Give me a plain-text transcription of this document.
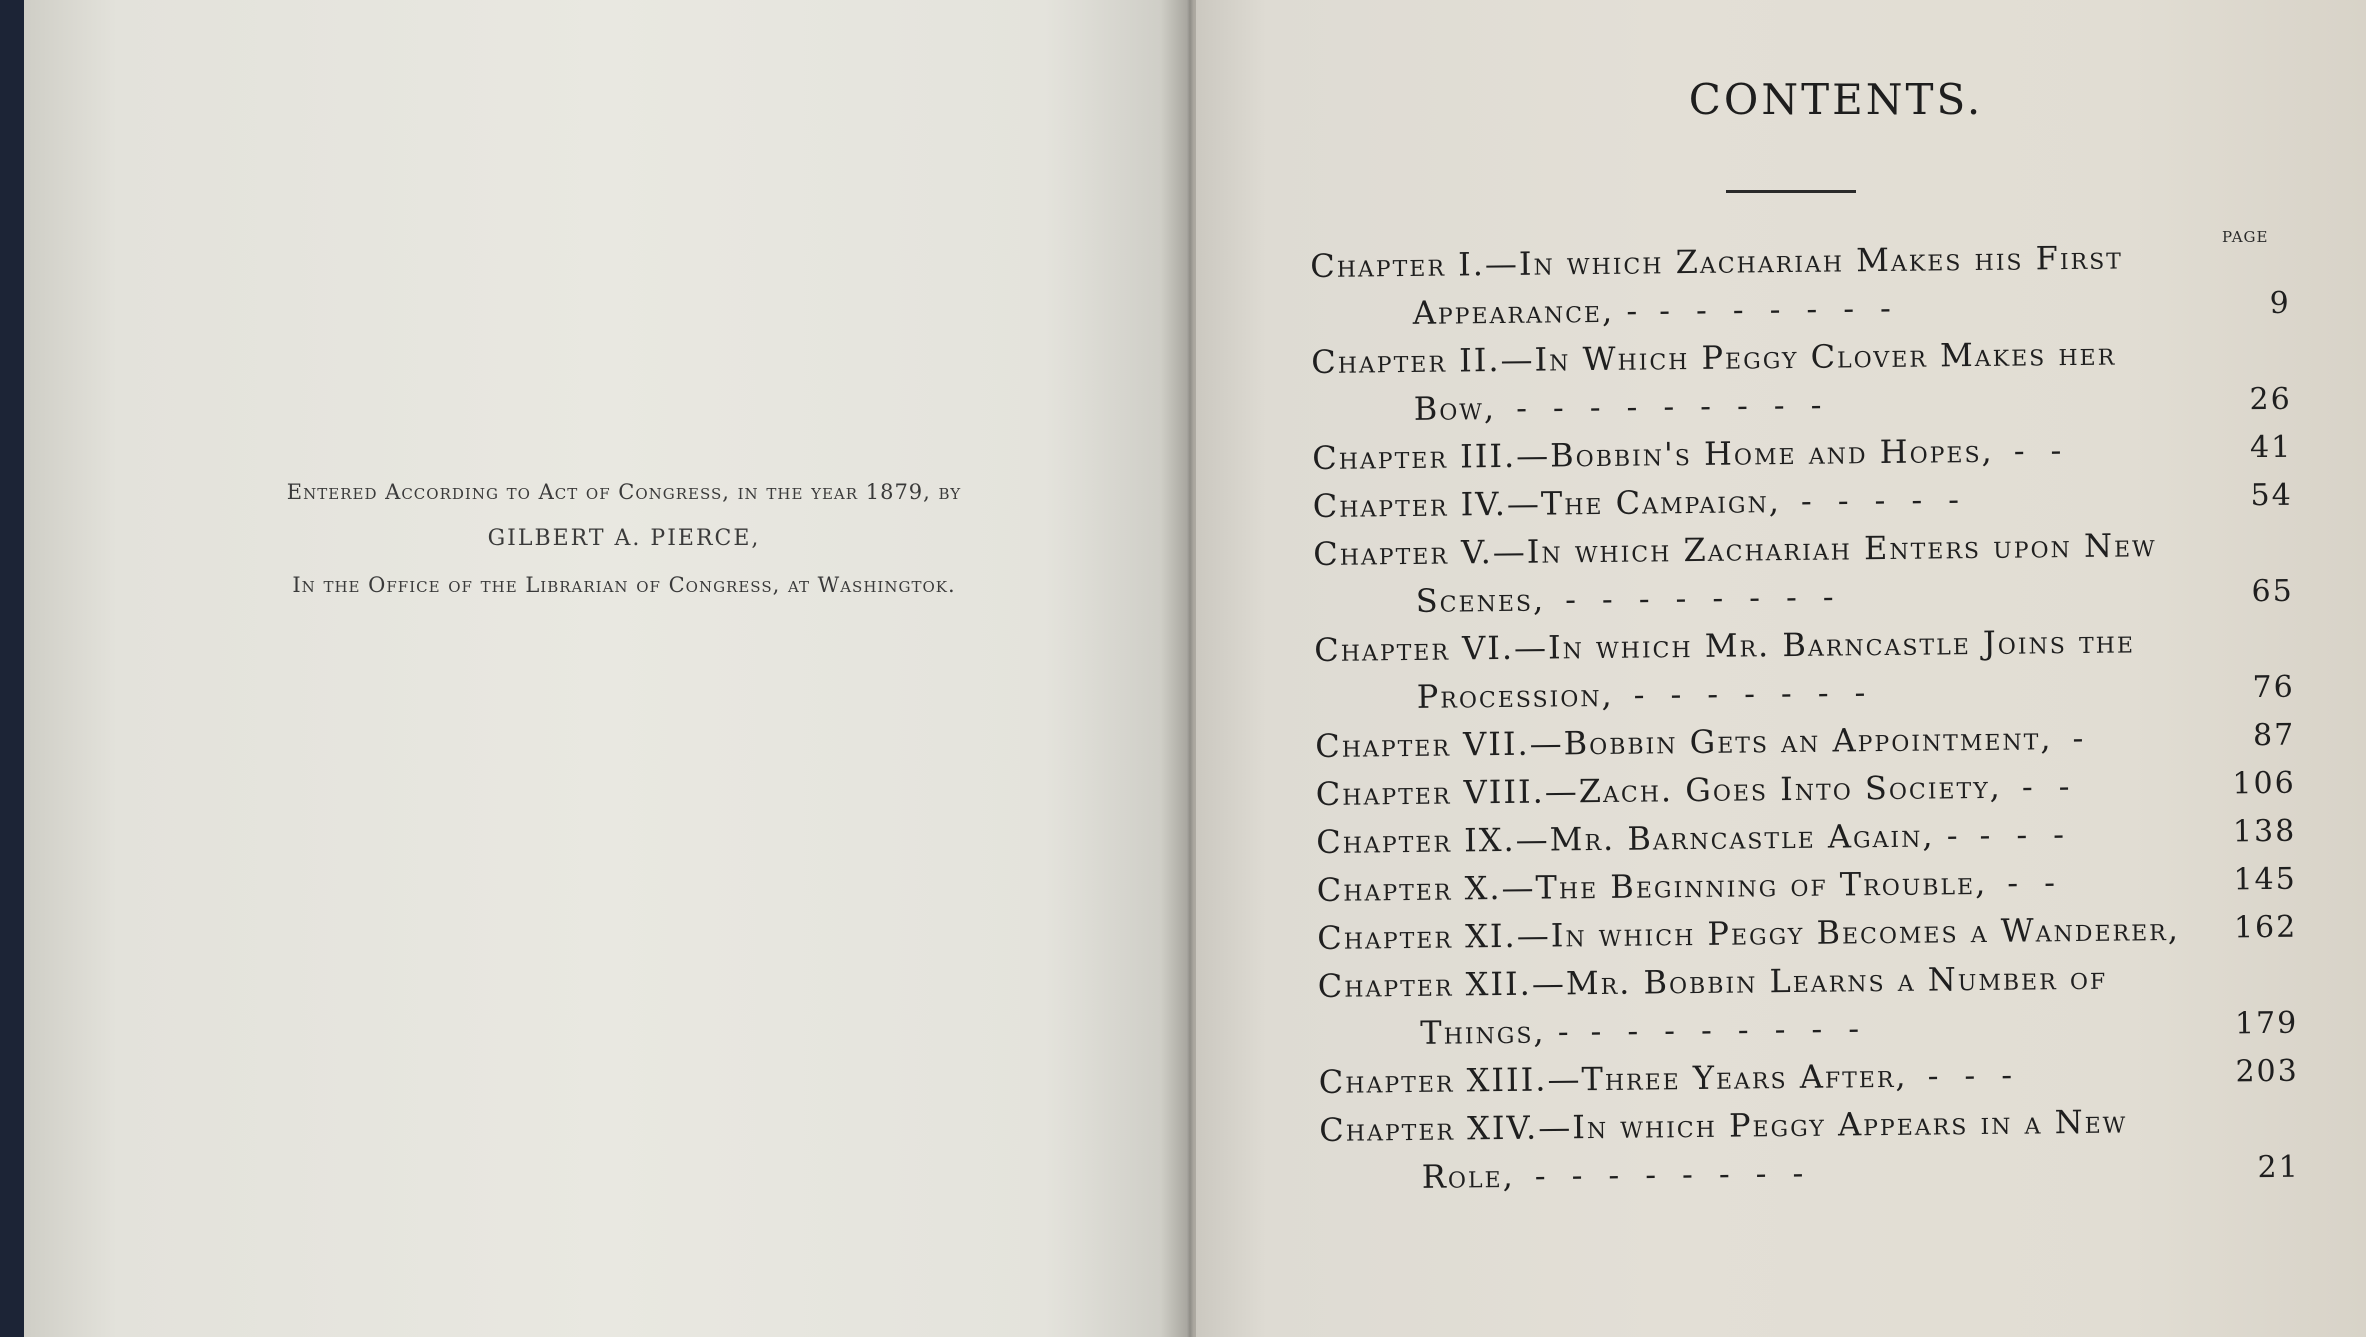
Entered According to Act of Congress, in the year 1879, by
GILBERT A. PIERCE,
In the Office of the Librarian of Congress, at Washingtok.
CONTENTS.
PAGE
Chapter I.—In which Zachariah Makes his First
Appearance, - -------	9
Chapter II.—In Which Peggy Clover Makes her
Bow, ---------	26
Chapter III.—Bobbin's Home and Hopes, --	41
Chapter IV.—The Campaign, -----	54
Chapter V.—In which Zachariah Enters upon New
Scenes, --------	65
Chapter VI.—In which Mr. Barncastle Joins the
Procession, -------	76
Chapter VII.—Bobbin Gets an Appointment, -	87
Chapter VIII.—Zach. Goes Into Society, --	106
Chapter IX.—Mr. Barncastle Again, - ---	138
Chapter X.—The Beginning of Trouble, --	145
Chapter XI.—In which Peggy Becomes a Wanderer,	162
Chapter XII.—Mr. Bobbin Learns a Number of
Things, - --------	179
Chapter XIII.—Three Years After, ---	203
Chapter XIV.—In which Peggy Appears in a New
Role, --------	21
